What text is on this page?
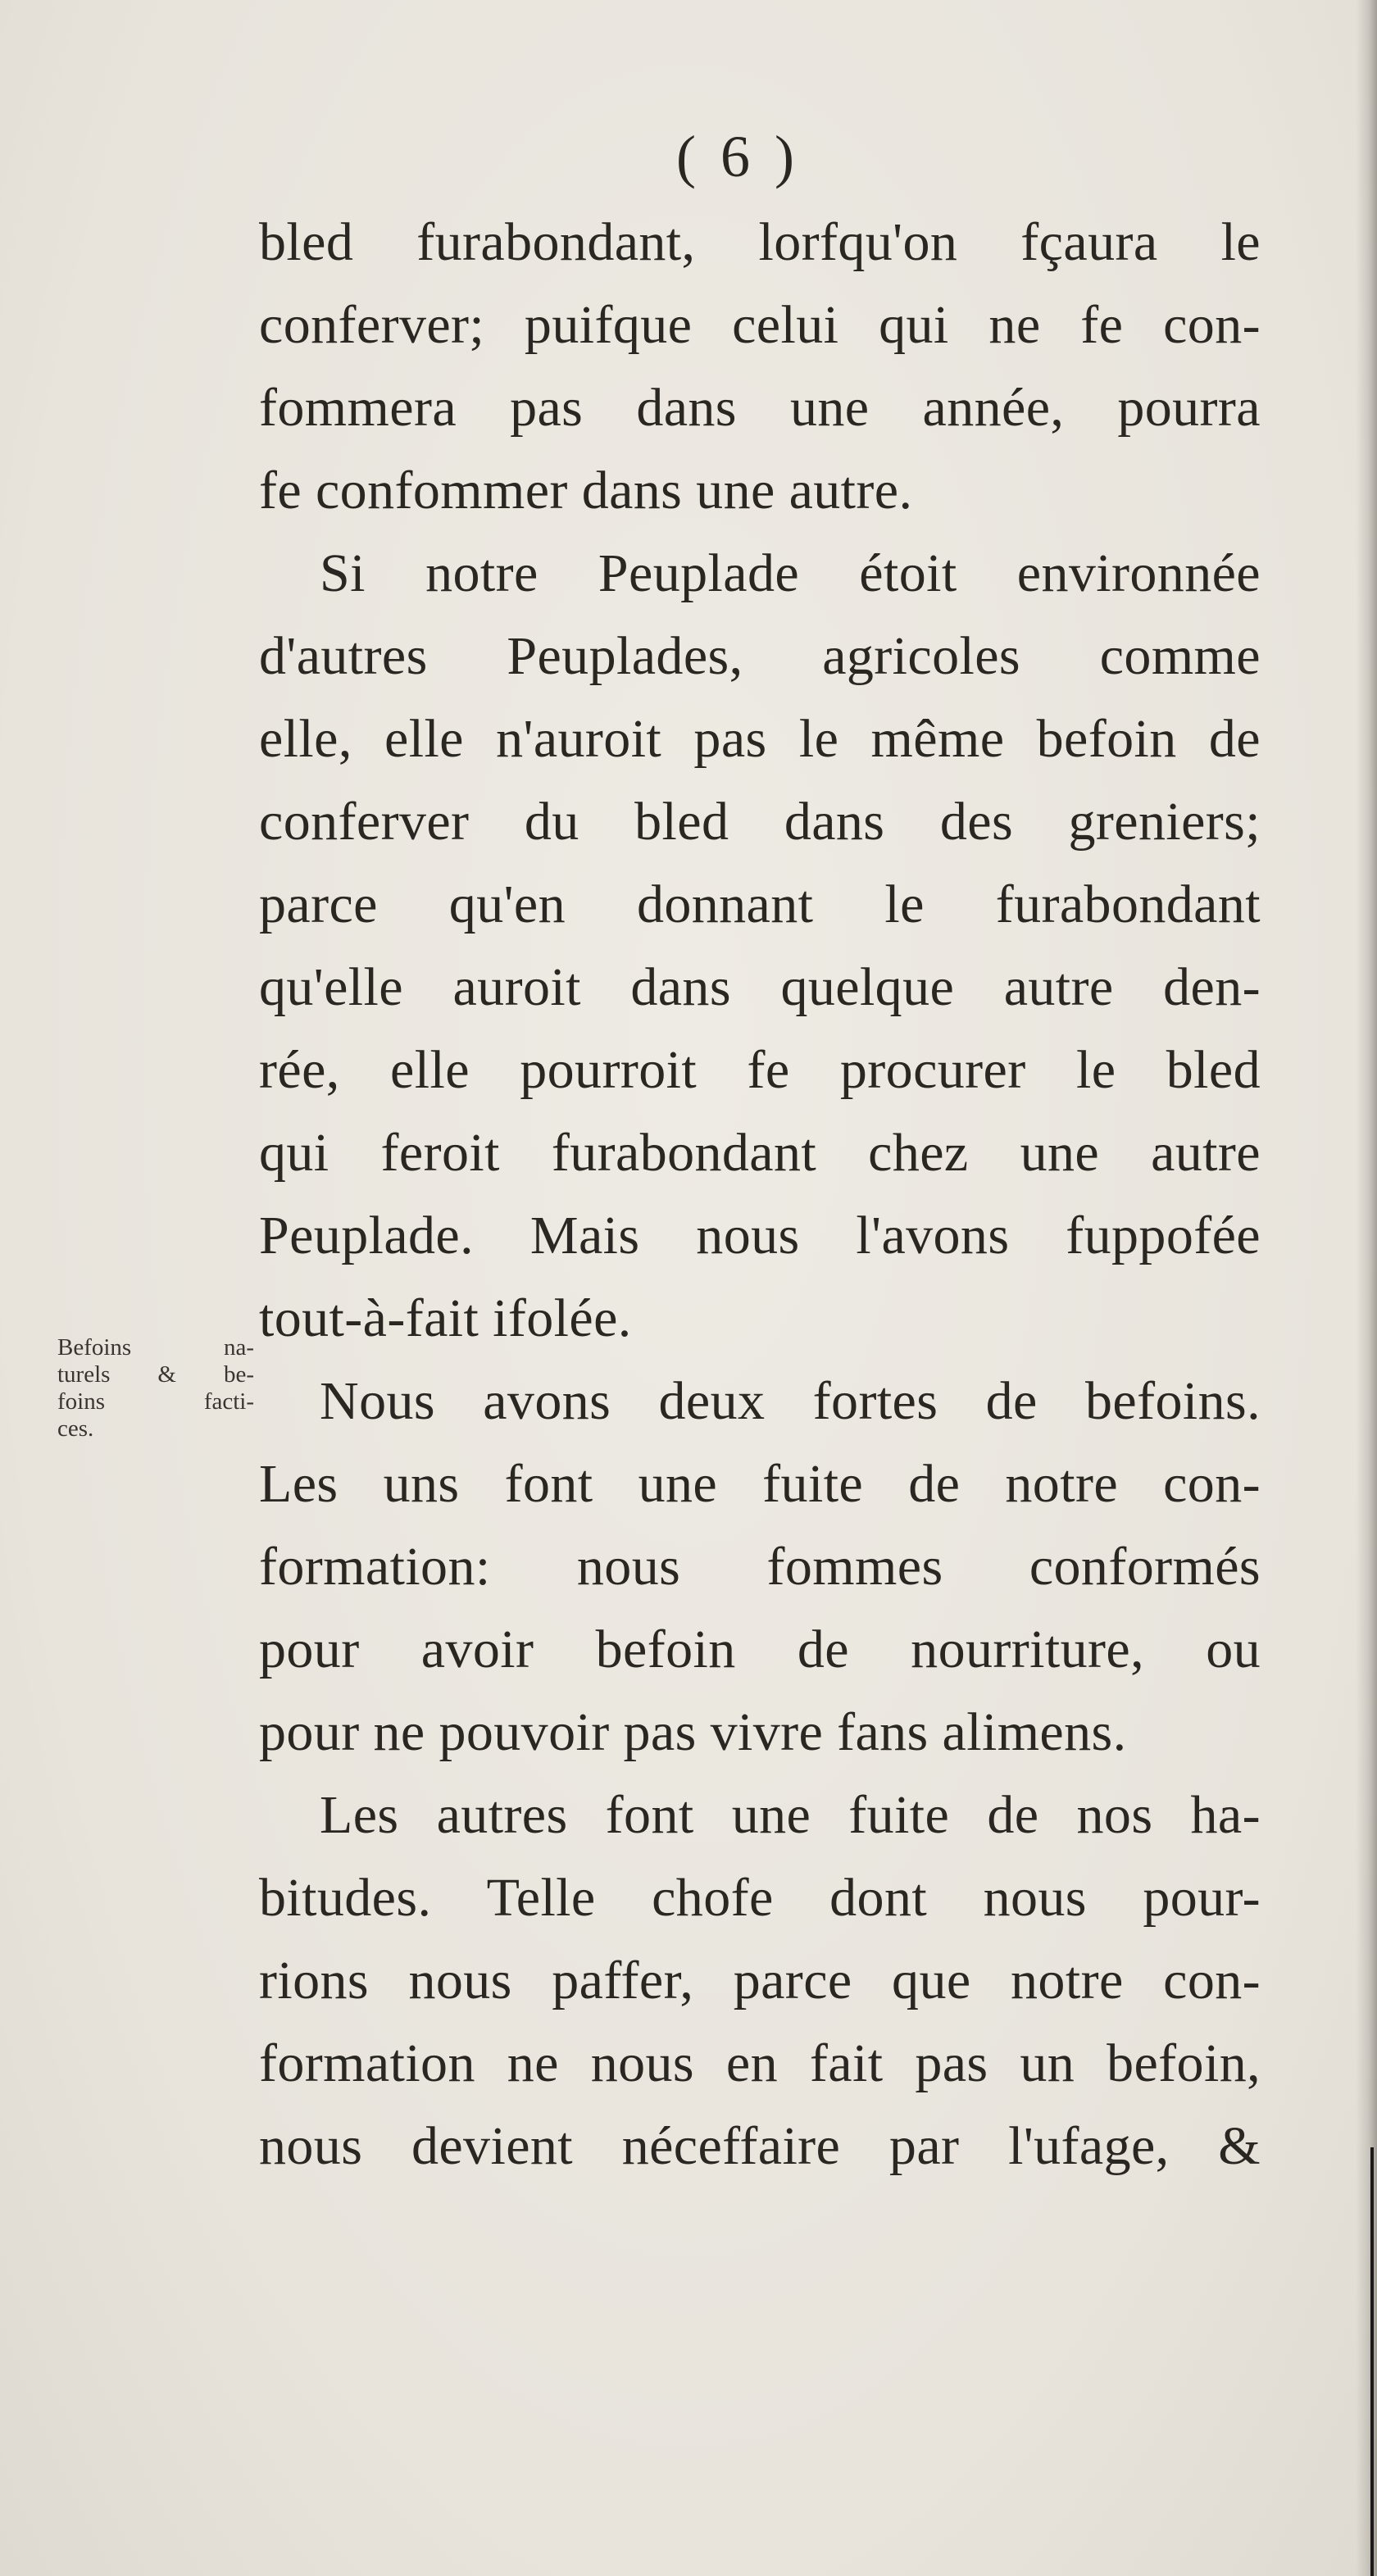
( 6 )
Befoins na-
turels & be-
foins facti-
ces.
bled furabondant, lorfqu'on fçaura le
conferver; puifque celui qui ne fe con-
fommera pas dans une année, pourra
fe confommer dans une autre.
Si notre Peuplade étoit environnée
d'autres Peuplades, agricoles comme
elle, elle n'auroit pas le même befoin de
conferver du bled dans des greniers;
parce qu'en donnant le furabondant
qu'elle auroit dans quelque autre den-
rée, elle pourroit fe procurer le bled
qui feroit furabondant chez une autre
Peuplade. Mais nous l'avons fuppofée
tout-à-fait ifolée.
Nous avons deux fortes de befoins.
Les uns font une fuite de notre con-
formation: nous fommes conformés
pour avoir befoin de nourriture, ou
pour ne pouvoir pas vivre fans alimens.
Les autres font une fuite de nos ha-
bitudes. Telle chofe dont nous pour-
rions nous paffer, parce que notre con-
formation ne nous en fait pas un befoin,
nous devient néceffaire par l'ufage, &
